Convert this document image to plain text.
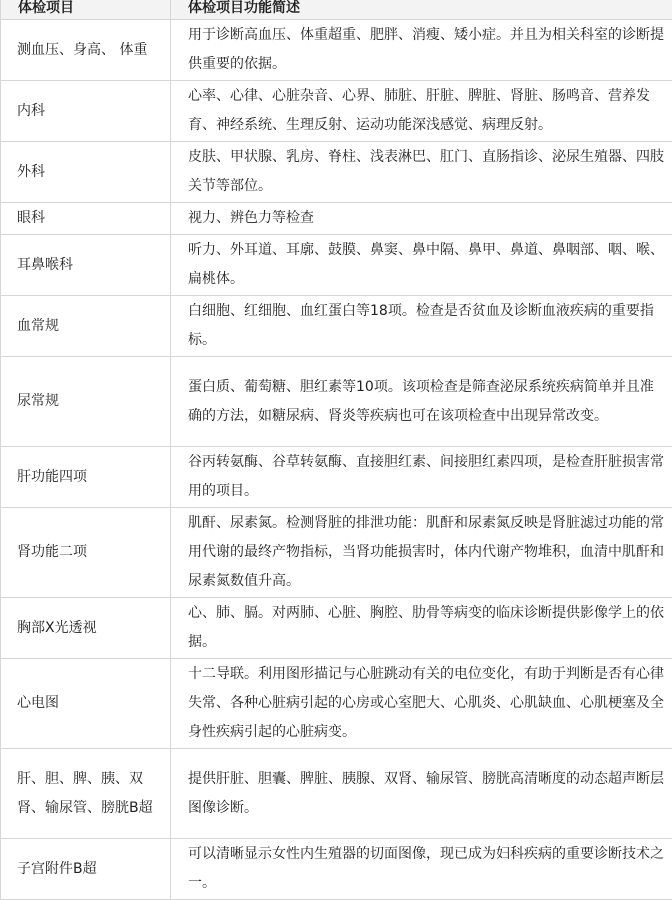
体检项目	体检项目功能简述
测血压、身高、 体重	用于诊断高血压、体重超重、肥胖、消瘦、矮小症。并且为相关科室的诊断提供重要的依据。
内科	心率、心律、心脏杂音、心界、肺脏、肝脏、脾脏、肾脏、肠鸣音、营养发育、神经系统、生理反射、运动功能深浅感觉、病理反射。
外科	皮肤、甲状腺、乳房、脊柱、浅表淋巴、肛门、直肠指诊、泌尿生殖器、四肢关节等部位。
眼科	视力、辨色力等检查
耳鼻喉科	听力、外耳道、耳廓、鼓膜、鼻窦、鼻中隔、鼻甲、鼻道、鼻咽部、咽、喉、扁桃体。
血常规	白细胞、红细胞、血红蛋白等18项。检查是否贫血及诊断血液疾病的重要指标。
尿常规	蛋白质、葡萄糖、胆红素等10项。该项检查是筛查泌尿系统疾病简单并且准确的方法，如糖尿病、肾炎等疾病也可在该项检查中出现异常改变。
肝功能四项	谷丙转氨酶、谷草转氨酶、直接胆红素、间接胆红素四项，是检查肝脏损害常用的项目。
肾功能二项	肌酐、尿素氮。检测肾脏的排泄功能：肌酐和尿素氮反映是肾脏滤过功能的常用代谢的最终产物指标，当肾功能损害时，体内代谢产物堆积，血清中肌酐和尿素氮数值升高。
胸部X光透视	心、肺、膈。对两肺、心脏、胸腔、肋骨等病变的临床诊断提供影像学上的依据。
心电图	十二导联。利用图形描记与心脏跳动有关的电位变化，有助于判断是否有心律失常、各种心脏病引起的心房或心室肥大、心肌炎、心肌缺血、心肌梗塞及全身性疾病引起的心脏病变。
肝、胆、脾、胰、双肾、输尿管、膀胱B超	提供肝脏、胆囊、脾脏、胰腺、双肾、输尿管、膀胱高清晰度的动态超声断层图像诊断。
子宫附件B超	可以清晰显示女性内生殖器的切面图像，现已成为妇科疾病的重要诊断技术之一。
